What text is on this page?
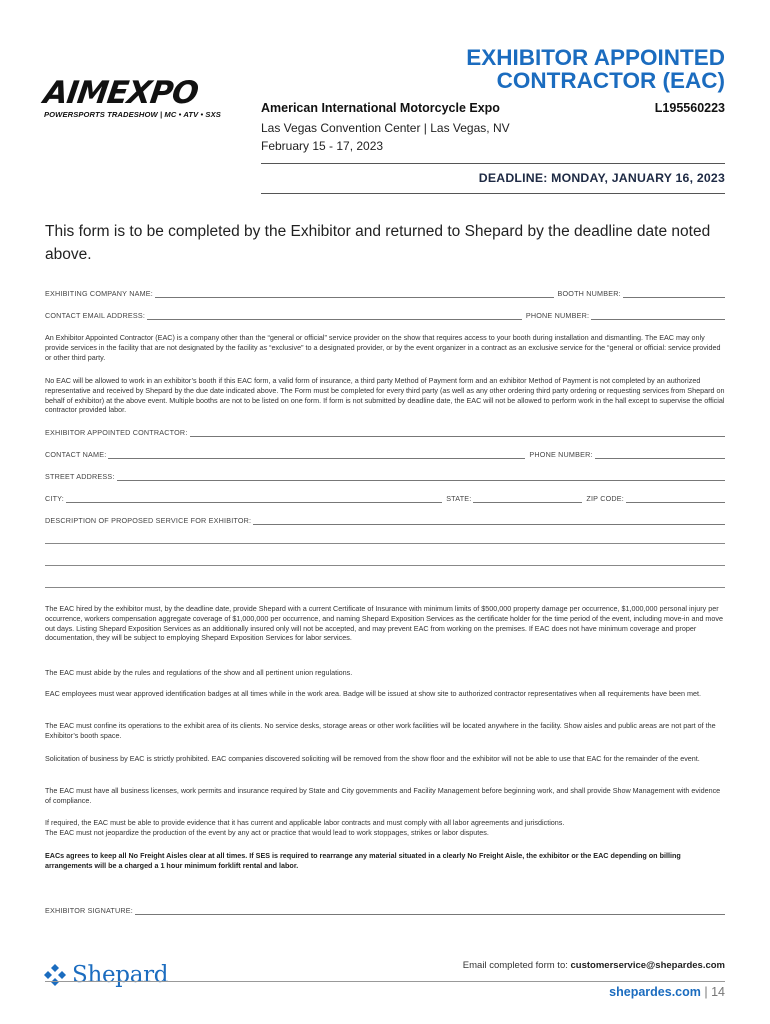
AIMEXPO
POWERSPORTS TRADESHOW | MC • ATV • SXS
EXHIBITOR APPOINTED
CONTRACTOR (EAC)
American International Motorcycle Expo	L195560223
Las Vegas Convention Center | Las Vegas, NV
February 15 - 17, 2023
DEADLINE: MONDAY, JANUARY 16, 2023
This form is to be completed by the Exhibitor and returned to Shepard by the deadline date noted above.
EXHIBITING COMPANY NAME:	BOOTH NUMBER:
CONTACT EMAIL ADDRESS:	PHONE NUMBER:
An Exhibitor Appointed Contractor (EAC) is a company other than the “general or official” service provider on the show that requires access to your booth during installation and dismantling. The EAC may only provide services in the facility that are not designated by the facility as “exclusive” to a designated provider, or by the event organizer in a contract as an exclusive service for the “general or official: service provided or other third party.
No EAC will be allowed to work in an exhibitor’s booth if this EAC form, a valid form of insurance, a third party Method of Payment form and an exhibitor Method of Payment is not completed by an authorized representative and received by Shepard by the due date indicated above. The Form must be completed for every third party (as well as any other ordering third party ordering or requesting services from Shepard on behalf of exhibitor) at the above event. Multiple booths are not to be listed on one form. If form is not submitted by deadline date, the EAC will not be allowed to perform work in the hall except to supervise the official contractor provided labor.
EXHIBITOR APPOINTED CONTRACTOR:
CONTACT NAME:	PHONE NUMBER:
STREET ADDRESS:
CITY:	STATE:	ZIP CODE:
DESCRIPTION OF PROPOSED SERVICE FOR EXHIBITOR:
The EAC hired by the exhibitor must, by the deadline date, provide Shepard with a current Certificate of Insurance with minimum limits of $500,000 property damage per occurrence, $1,000,000 personal injury per occurrence, workers compensation aggregate coverage of $1,000,000 per occurrence, and naming Shepard Exposition Services as the certificate holder for the time period of the event, including move-in and move out days. Listing Shepard Exposition Services as an additionally insured only will not be accepted, and may prevent EAC from working on the premises. If EAC does not have minimum coverage and proper documentation, they will be subject to employing Shepard Exposition Services for labor services.
The EAC must abide by the rules and regulations of the show and all pertinent union regulations.
EAC employees must wear approved identification badges at all times while in the work area. Badge will be issued at show site to authorized contractor representatives when all requirements have been met.
The EAC must confine its operations to the exhibit area of its clients. No service desks, storage areas or other work facilities will be located anywhere in the facility. Show aisles and public areas are not part of the Exhibitor’s booth space.
Solicitation of business by EAC is strictly prohibited. EAC companies discovered soliciting will be removed from the show floor and the exhibitor will not be able to use that EAC for the remainder of the event.
The EAC must have all business licenses, work permits and insurance required by State and City governments and Facility Management before beginning work, and shall provide Show Management with evidence of compliance.
If required, the EAC must be able to provide evidence that it has current and applicable labor contracts and must comply with all labor agreements and jurisdictions.
The EAC must not jeopardize the production of the event by any act or practice that would lead to work stoppages, strikes or labor disputes.
EACs agrees to keep all No Freight Aisles clear at all times. If SES is required to rearrange any material situated in a clearly No Freight Aisle, the exhibitor or the EAC depending on billing arrangements will be a charged a 1 hour minimum forklift rental and labor.
EXHIBITOR SIGNATURE:
Email completed form to: customerservice@shepardes.com
Shepard
shepardes.com | 14
